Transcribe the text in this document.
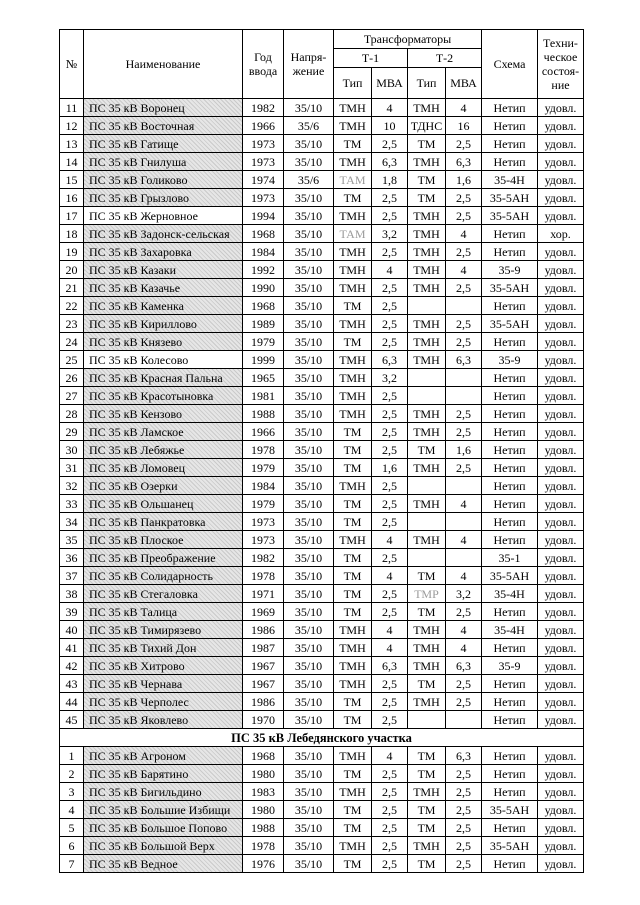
№	Наименование	Год ввода	Напря-жение	Трансформаторы				Схема	Техни-ческое состоя-ние
				Т-1		Т-2			
				Тип	МВА	Тип	МВА		
11	ПС 35 кВ Воронец	1982	35/10	ТМН	4	ТМН	4	Нетип	удовл.
12	ПС 35 кВ Восточная	1966	35/6	ТМН	10	ТДНС	16	Нетип	удовл.
13	ПС 35 кВ Гатище	1973	35/10	ТМ	2,5	ТМ	2,5	Нетип	удовл.
14	ПС 35 кВ Гнилуша	1973	35/10	ТМН	6,3	ТМН	6,3	Нетип	удовл.
15	ПС 35 кВ Голиково	1974	35/6	ТАМ	1,8	ТМ	1,6	35-4Н	удовл.
16	ПС 35 кВ Грызлово	1973	35/10	ТМ	2,5	ТМ	2,5	35-5АН	удовл.
17	ПС 35 кВ Жерновное	1994	35/10	ТМН	2,5	ТМН	2,5	35-5АН	удовл.
18	ПС 35 кВ Задонск-сельская	1968	35/10	ТАМ	3,2	ТМН	4	Нетип	хор.
19	ПС 35 кВ Захаровка	1984	35/10	ТМН	2,5	ТМН	2,5	Нетип	удовл.
20	ПС 35 кВ Казаки	1992	35/10	ТМН	4	ТМН	4	35-9	удовл.
21	ПС 35 кВ Казачье	1990	35/10	ТМН	2,5	ТМН	2,5	35-5АН	удовл.
22	ПС 35 кВ Каменка	1968	35/10	ТМ	2,5			Нетип	удовл.
23	ПС 35 кВ Кириллово	1989	35/10	ТМН	2,5	ТМН	2,5	35-5АН	удовл.
24	ПС 35 кВ Князево	1979	35/10	ТМ	2,5	ТМН	2,5	Нетип	удовл.
25	ПС 35 кВ Колесово	1999	35/10	ТМН	6,3	ТМН	6,3	35-9	удовл.
26	ПС 35 кВ Красная Пальна	1965	35/10	ТМН	3,2			Нетип	удовл.
27	ПС 35 кВ Красотыновка	1981	35/10	ТМН	2,5			Нетип	удовл.
28	ПС 35 кВ Кензово	1988	35/10	ТМН	2,5	ТМН	2,5	Нетип	удовл.
29	ПС 35 кВ Ламское	1966	35/10	ТМ	2,5	ТМН	2,5	Нетип	удовл.
30	ПС 35 кВ Лебяжье	1978	35/10	ТМ	2,5	ТМ	1,6	Нетип	удовл.
31	ПС 35 кВ Ломовец	1979	35/10	ТМ	1,6	ТМН	2,5	Нетип	удовл.
32	ПС 35 кВ Озерки	1984	35/10	ТМН	2,5			Нетип	удовл.
33	ПС 35 кВ Ольшанец	1979	35/10	ТМ	2,5	ТМН	4	Нетип	удовл.
34	ПС 35 кВ Панкратовка	1973	35/10	ТМ	2,5			Нетип	удовл.
35	ПС 35 кВ Плоское	1973	35/10	ТМН	4	ТМН	4	Нетип	удовл.
36	ПС 35 кВ Преображение	1982	35/10	ТМ	2,5			35-1	удовл.
37	ПС 35 кВ Солидарность	1978	35/10	ТМ	4	ТМ	4	35-5АН	удовл.
38	ПС 35 кВ Стегаловка	1971	35/10	ТМ	2,5	ТМР	3,2	35-4Н	удовл.
39	ПС 35 кВ Талица	1969	35/10	ТМ	2,5	ТМ	2,5	Нетип	удовл.
40	ПС 35 кВ Тимирязево	1986	35/10	ТМН	4	ТМН	4	35-4Н	удовл.
41	ПС 35 кВ Тихий Дон	1987	35/10	ТМН	4	ТМН	4	Нетип	удовл.
42	ПС 35 кВ Хитрово	1967	35/10	ТМН	6,3	ТМН	6,3	35-9	удовл.
43	ПС 35 кВ Чернава	1967	35/10	ТМН	2,5	ТМ	2,5	Нетип	удовл.
44	ПС 35 кВ Черполес	1986	35/10	ТМ	2,5	ТМН	2,5	Нетип	удовл.
45	ПС 35 кВ Яковлево	1970	35/10	ТМ	2,5			Нетип	удовл.
ПС 35 кВ Лебедянского участка									
1	ПС 35 кВ Агроном	1968	35/10	ТМН	4	ТМ	6,3	Нетип	удовл.
2	ПС 35 кВ Барятино	1980	35/10	ТМ	2,5	ТМ	2,5	Нетип	удовл.
3	ПС 35 кВ Бигильдино	1983	35/10	ТМН	2,5	ТМН	2,5	Нетип	удовл.
4	ПС 35 кВ Большие Избищи	1980	35/10	ТМ	2,5	ТМ	2,5	35-5АН	удовл.
5	ПС 35 кВ Большое Попово	1988	35/10	ТМ	2,5	ТМ	2,5	Нетип	удовл.
6	ПС 35 кВ Большой Верх	1978	35/10	ТМН	2,5	ТМН	2,5	35-5АН	удовл.
7	ПС 35 кВ Ведное	1976	35/10	ТМ	2,5	ТМ	2,5	Нетип	удовл.
